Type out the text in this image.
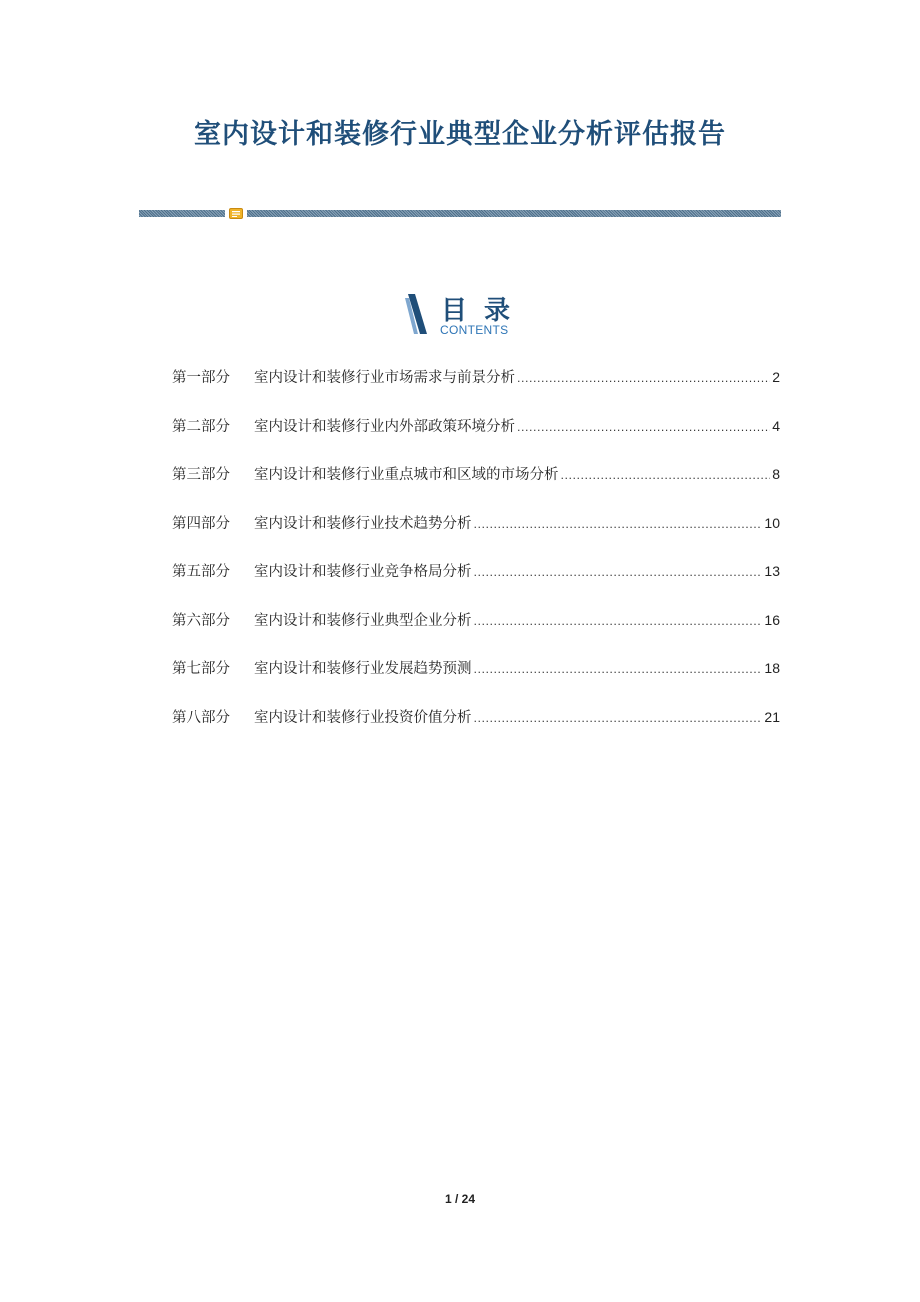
室内设计和装修行业典型企业分析评估报告
目 录
CONTENTS
第一部分	室内设计和装修行业市场需求与前景分析 .....	2
第二部分	室内设计和装修行业内外部政策环境分析 .....	4
第三部分	室内设计和装修行业重点城市和区域的市场分析 .....	8
第四部分	室内设计和装修行业技术趋势分析 .....	10
第五部分	室内设计和装修行业竞争格局分析 .....	13
第六部分	室内设计和装修行业典型企业分析 .....	16
第七部分	室内设计和装修行业发展趋势预测 .....	18
第八部分	室内设计和装修行业投资价值分析 .....	21
1 / 24
